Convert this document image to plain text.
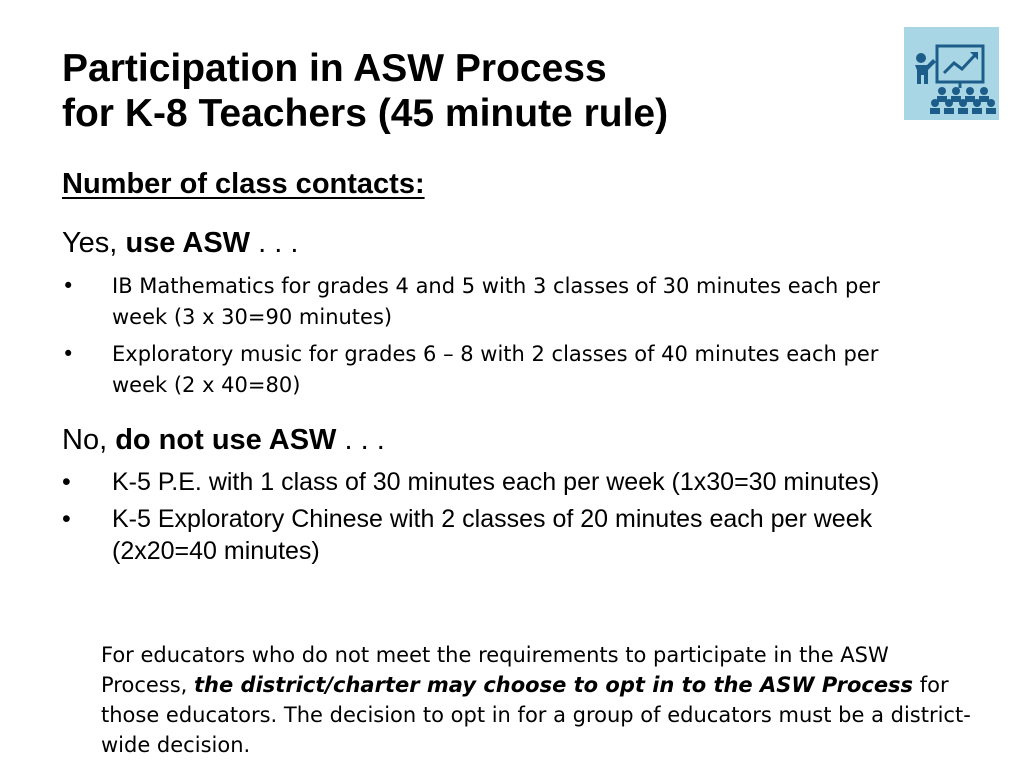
Participation in ASW Process
for K-8 Teachers (45 minute rule)
Number of class contacts:
Yes, use ASW . . .
• IB Mathematics for grades 4 and 5 with 3 classes of 30 minutes each per week (3 x 30=90 minutes)
• Exploratory music for grades 6 – 8 with 2 classes of 40 minutes each per week (2 x 40=80)
No, do not use ASW . . .
• K-5 P.E. with 1 class of 30 minutes each per week (1x30=30 minutes)
• K-5 Exploratory Chinese with 2 classes of 20 minutes each per week (2x20=40 minutes)

For educators who do not meet the requirements to participate in the ASW Process, the district/charter may choose to opt in to the ASW Process for those educators. The decision to opt in for a group of educators must be a district-wide decision.
